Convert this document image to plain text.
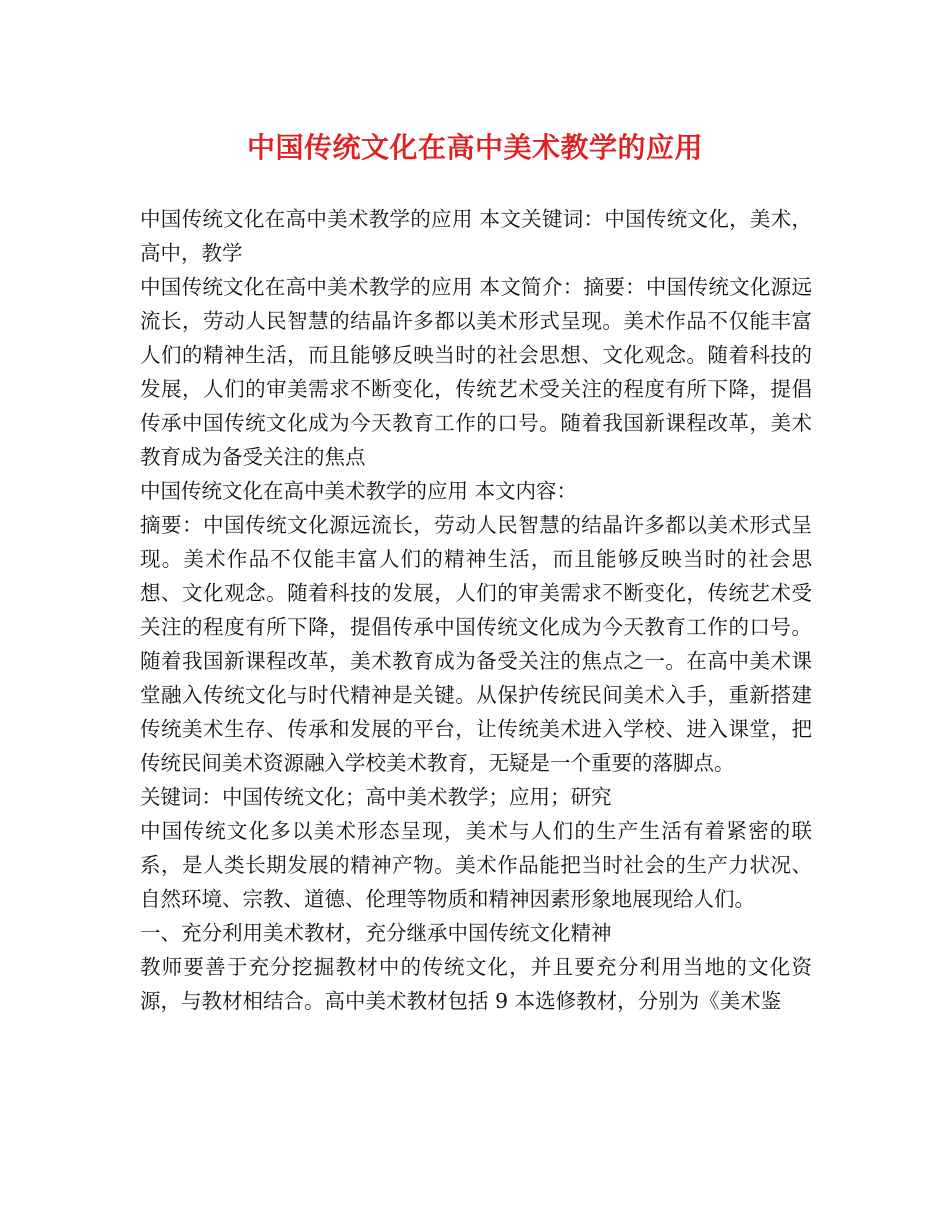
中国传统文化在高中美术教学的应用

中国传统文化在高中美术教学的应用 本文关键词：中国传统文化，美术，高中，教学

中国传统文化在高中美术教学的应用 本文简介：摘要：中国传统文化源远流长，劳动人民智慧的结晶许多都以美术形式呈现。美术作品不仅能丰富人们的精神生活，而且能够反映当时的社会思想、文化观念。随着科技的发展，人们的审美需求不断变化，传统艺术受关注的程度有所下降，提倡传承中国传统文化成为今天教育工作的口号。随着我国新课程改革，美术教育成为备受关注的焦点

中国传统文化在高中美术教学的应用 本文内容：

摘要：中国传统文化源远流长，劳动人民智慧的结晶许多都以美术形式呈现。美术作品不仅能丰富人们的精神生活，而且能够反映当时的社会思想、文化观念。随着科技的发展，人们的审美需求不断变化，传统艺术受关注的程度有所下降，提倡传承中国传统文化成为今天教育工作的口号。随着我国新课程改革，美术教育成为备受关注的焦点之一。在高中美术课堂融入传统文化与时代精神是关键。从保护传统民间美术入手，重新搭建传统美术生存、传承和发展的平台，让传统美术进入学校、进入课堂，把传统民间美术资源融入学校美术教育，无疑是一个重要的落脚点。

关键词：中国传统文化；高中美术教学；应用；研究

中国传统文化多以美术形态呈现，美术与人们的生产生活有着紧密的联系，是人类长期发展的精神产物。美术作品能把当时社会的生产力状况、自然环境、宗教、道德、伦理等物质和精神因素形象地展现给人们。

一、充分利用美术教材，充分继承中国传统文化精神

教师要善于充分挖掘教材中的传统文化，并且要充分利用当地的文化资源，与教材相结合。高中美术教材包括 9 本选修教材，分别为《美术鉴
